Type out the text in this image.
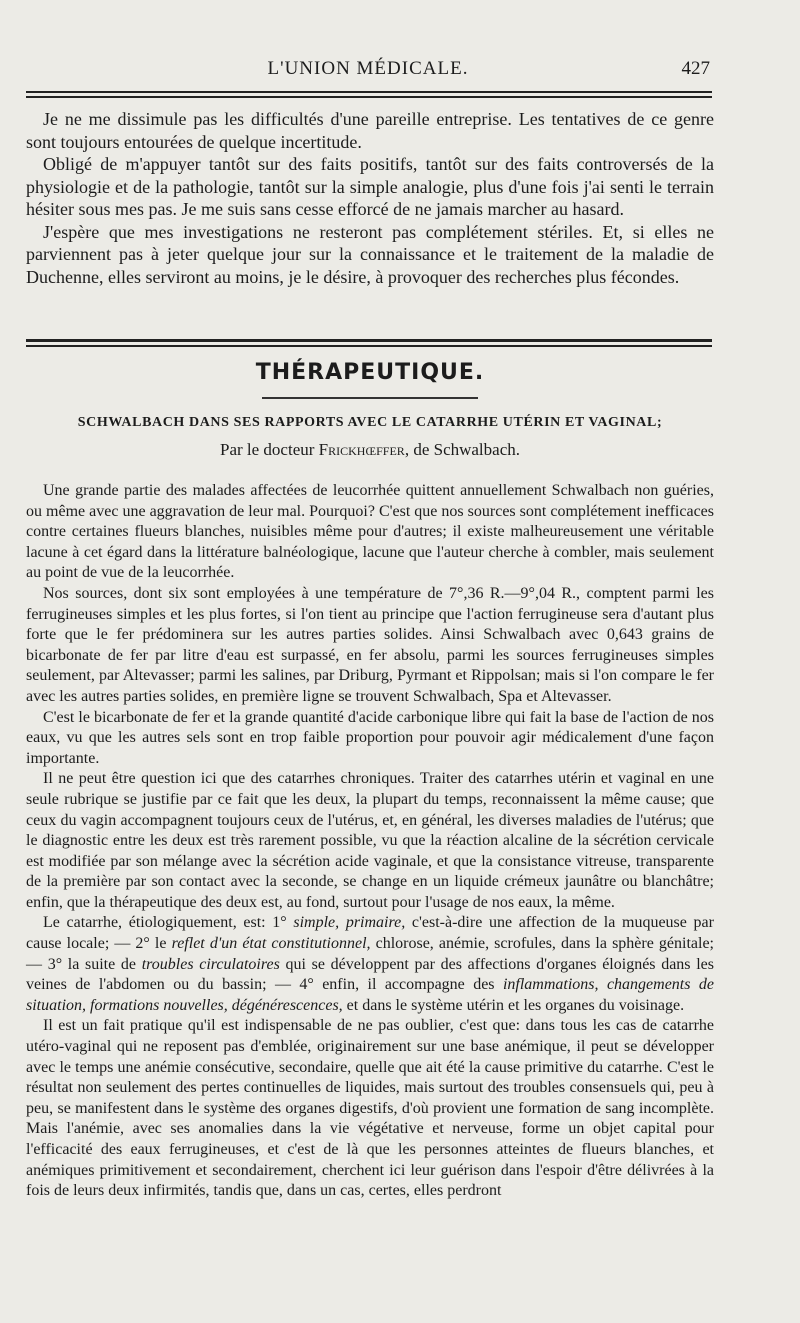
L'UNION MÉDICALE.	427

Je ne me dissimule pas les difficultés d'une pareille entreprise. Les tentatives de ce genre sont toujours entourées de quelque incertitude.

Obligé de m'appuyer tantôt sur des faits positifs, tantôt sur des faits controversés de la physiologie et de la pathologie, tantôt sur la simple analogie, plus d'une fois j'ai senti le terrain hésiter sous mes pas. Je me suis sans cesse efforcé de ne jamais marcher au hasard.

J'espère que mes investigations ne resteront pas complétement stériles. Et, si elles ne parviennent pas à jeter quelque jour sur la connaissance et le traitement de la maladie de Duchenne, elles serviront au moins, je le désire, à provoquer des recherches plus fécondes.

THÉRAPEUTIQUE.
SCHWALBACH DANS SES RAPPORTS AVEC LE CATARRHE UTÉRIN ET VAGINAL;
Par le docteur Frickhœffer, de Schwalbach.

Une grande partie des malades affectées de leucorrhée quittent annuellement Schwalbach non guéries, ou même avec une aggravation de leur mal. Pourquoi? C'est que nos sources sont complétement inefficaces contre certaines flueurs blanches, nuisibles même pour d'autres; il existe malheureusement une véritable lacune à cet égard dans la littérature balnéologique, lacune que l'auteur cherche à combler, mais seulement au point de vue de la leucorrhée.

Nos sources, dont six sont employées à une température de 7°,36 R.—9°,04 R., comptent parmi les ferrugineuses simples et les plus fortes, si l'on tient au principe que l'action ferrugineuse sera d'autant plus forte que le fer prédominera sur les autres parties solides. Ainsi Schwalbach avec 0,643 grains de bicarbonate de fer par litre d'eau est surpassé, en fer absolu, parmi les sources ferrugineuses simples seulement, par Altevasser; parmi les salines, par Driburg, Pyrmant et Rippolsan; mais si l'on compare le fer avec les autres parties solides, en première ligne se trouvent Schwalbach, Spa et Altevasser.

C'est le bicarbonate de fer et la grande quantité d'acide carbonique libre qui fait la base de l'action de nos eaux, vu que les autres sels sont en trop faible proportion pour pouvoir agir médicalement d'une façon importante.

Il ne peut être question ici que des catarrhes chroniques. Traiter des catarrhes utérin et vaginal en une seule rubrique se justifie par ce fait que les deux, la plupart du temps, reconnaissent la même cause; que ceux du vagin accompagnent toujours ceux de l'utérus, et, en général, les diverses maladies de l'utérus; que le diagnostic entre les deux est très rarement possible, vu que la réaction alcaline de la sécrétion cervicale est modifiée par son mélange avec la sécrétion acide vaginale, et que la consistance vitreuse, transparente de la première par son contact avec la seconde, se change en un liquide crémeux jaunâtre ou blanchâtre; enfin, que la thérapeutique des deux est, au fond, surtout pour l'usage de nos eaux, la même.

Le catarrhe, étiologiquement, est: 1° simple, primaire, c'est-à-dire une affection de la muqueuse par cause locale; — 2° le reflet d'un état constitutionnel, chlorose, anémie, scrofules, dans la sphère génitale; — 3° la suite de troubles circulatoires qui se développent par des affections d'organes éloignés dans les veines de l'abdomen ou du bassin; — 4° enfin, il accompagne des inflammations, changements de situation, formations nouvelles, dégénérescences, et dans le système utérin et les organes du voisinage.

Il est un fait pratique qu'il est indispensable de ne pas oublier, c'est que: dans tous les cas de catarrhe utéro-vaginal qui ne reposent pas d'emblée, originairement sur une base anémique, il peut se développer avec le temps une anémie consécutive, secondaire, quelle que ait été la cause primitive du catarrhe. C'est le résultat non seulement des pertes continuelles de liquides, mais surtout des troubles consensuels qui, peu à peu, se manifestent dans le système des organes digestifs, d'où provient une formation de sang incomplète. Mais l'anémie, avec ses anomalies dans la vie végétative et nerveuse, forme un objet capital pour l'efficacité des eaux ferrugineuses, et c'est de là que les personnes atteintes de flueurs blanches, et anémiques primitivement et secondairement, cherchent ici leur guérison dans l'espoir d'être délivrées à la fois de leurs deux infirmités, tandis que, dans un cas, certes, elles perdront
